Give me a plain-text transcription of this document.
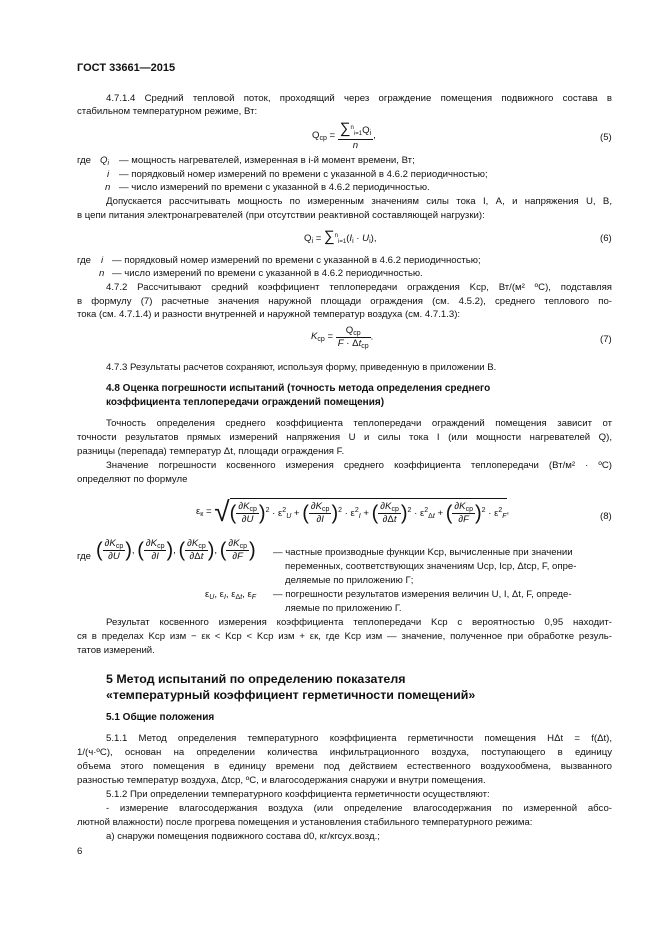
ГОСТ 33661—2015
4.7.1.4 Средний тепловой поток, проходящий через ограждение помещения подвижного состава в
стабильном температурном режиме, Вт:
$Q_{ср} = \frac{\sum^n_{i=1}Q_i}{n}$ ,	(5)
где $Q_i$ — мощность нагревателей, измеренная в i-й момент времени, Вт;
i — порядковый номер измерений по времени с указанной в 4.6.2 периодичностью;
n — число измерений по времени с указанной в 4.6.2 периодичностью.
Допускается рассчитывать мощность по измеренным значениям силы тока I, А, и напряжения U, В,
в цепи питания электронагревателей (при отсутствии реактивной составляющей нагрузки):
$Q_i = \sum^n_{i=1}(I_i \cdot U_i)$,	(6)
где i — порядковый номер измерений по времени с указанной в 4.6.2 периодичностью;
n — число измерений по времени с указанной в 4.6.2 периодичностью.
4.7.2 Рассчитывают средний коэффициент теплопередачи ограждения Kср, Вт/(м² ºС), подставляя
в формулу (7) расчетные значения наружной площади ограждения (см. 4.5.2), среднего теплового по-
тока (см. 4.7.1.4) и разности внутренней и наружной температур воздуха (см. 4.7.1.3):
$K_{ср} = \frac{Q_{ср}}{F \cdot \Delta t_{ср}}$ .	(7)
4.7.3 Результаты расчетов сохраняют, используя форму, приведенную в приложении В.
4.8 Оценка погрешности испытаний (точность метода определения среднего
коэффициента теплопередачи ограждений помещения)
Точность определения среднего коэффициента теплопередачи ограждений помещения зависит от
точности результатов прямых измерений напряжения U и силы тока I (или мощности нагревателей Q),
разницы (перепада) температур Δt, площади ограждения F.
Значение погрешности косвенного измерения среднего коэффициента теплопередачи (Вт/м² · ºС)
определяют по формуле
$\varepsilon_к$ = √( $\frac{\partial K_{ср}}{\partial U} )^2 \cdot \varepsilon^2_U$ + ( $\frac{\partial K_{ср}}{\partial I} )^2 \cdot \varepsilon^2_I$ + ( $\frac{\partial K_{ср}}{\partial\Delta t} )^2 \cdot \varepsilon^2_{\Delta t}$ + ( $\frac{\partial K_{ср}}{\partial F} )^2 \cdot \varepsilon^2_F$,	(8)
где ( $\frac{\partial K_{ср}}{\partial U}$ ), ( $\frac{\partial K_{ср}}{\partial I}$ ), ( $\frac{\partial K_{ср}}{\partial\Delta t}$ ), ( $\frac{\partial K_{ср}}{\partial F}$ ) — частные производные функции Kср, вычисленные при значении
переменных, соответствующих значениям Uср, Iср, Δtср, F, опре-
деляемые по приложению Г;
$\varepsilon_U$, $\varepsilon_I$, $\varepsilon_{\Delta t}$, $\varepsilon_F$ — погрешности результатов измерения величин U, I, Δt, F, опреде-
ляемые по приложению Г.
Результат косвенного измерения коэффициента теплопередачи Kср с вероятностью 0,95 находит-
ся в пределах Kср изм − εк < Kср < Kср изм + εк, где Kср изм — значение, полученное при обработке резуль-
татов измерений.
5 Метод испытаний по определению показателя
«температурный коэффициент герметичности помещений»
5.1 Общие положения
5.1.1 Метод определения температурного коэффициента герметичности помещения HΔt = f(Δt),
1/(ч·ºС), основан на определении количества инфильтрационного воздуха, поступающего в единицу
объема этого помещения в единицу времени под действием естественного воздухообмена, вызванного
разностью температур воздуха, Δtср, ºС, и влагосодержания снаружи и внутри помещения.
5.1.2 При определении температурного коэффициента герметичности осуществляют:
- измерение влагосодержания воздуха (или определение влагосодержания по измеренной абсо-
лютной влажности) после прогрева помещения и установления стабильного температурного режима:
а) снаружи помещения подвижного состава d0, кг/кгсух.возд.;
6
